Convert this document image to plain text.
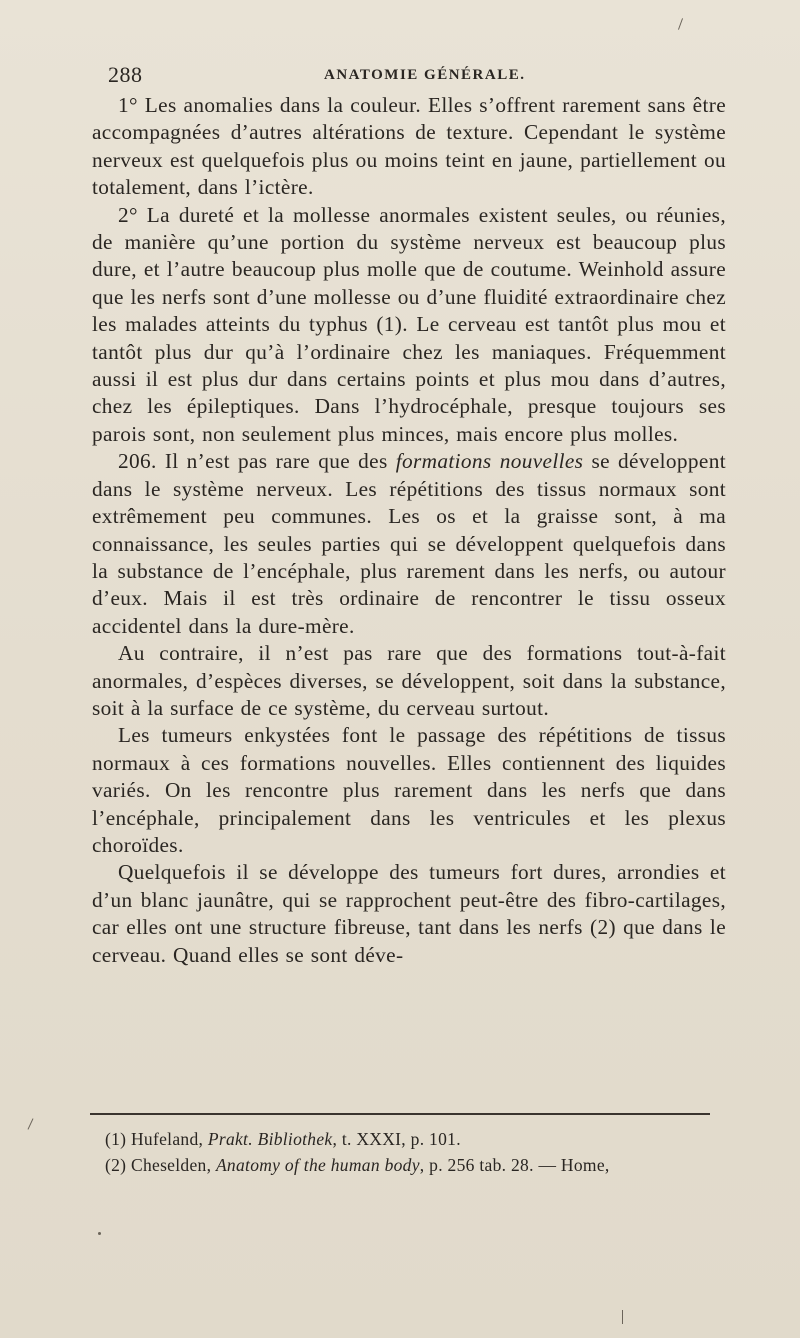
288	ANATOMIE GÉNÉRALE.

1° Les anomalies dans la couleur. Elles s’offrent rarement sans être accompagnées d’autres altérations de texture. Cependant le système nerveux est quelquefois plus ou moins teint en jaune, partiellement ou totalement, dans l’ictère.

2° La dureté et la mollesse anormales existent seules, ou réunies, de manière qu’une portion du système nerveux est beaucoup plus dure, et l’autre beaucoup plus molle que de coutume. Weinhold assure que les nerfs sont d’une mollesse ou d’une fluidité extraordinaire chez les malades atteints du typhus (1). Le cerveau est tantôt plus mou et tantôt plus dur qu’à l’ordinaire chez les maniaques. Fréquemment aussi il est plus dur dans certains points et plus mou dans d’autres, chez les épileptiques. Dans l’hydrocéphale, presque toujours ses parois sont, non seulement plus minces, mais encore plus molles.

206. Il n’est pas rare que des formations nouvelles se développent dans le système nerveux. Les répétitions des tissus normaux sont extrêmement peu communes. Les os et la graisse sont, à ma connaissance, les seules parties qui se développent quelquefois dans la substance de l’encéphale, plus rarement dans les nerfs, ou autour d’eux. Mais il est très ordinaire de rencontrer le tissu osseux accidentel dans la dure-mère.

Au contraire, il n’est pas rare que des formations tout-à-fait anormales, d’espèces diverses, se développent, soit dans la substance, soit à la surface de ce système, du cerveau surtout.

Les tumeurs enkystées font le passage des répétitions de tissus normaux à ces formations nouvelles. Elles contiennent des liquides variés. On les rencontre plus rarement dans les nerfs que dans l’encéphale, principalement dans les ventricules et les plexus choroïdes.

Quelquefois il se développe des tumeurs fort dures, arrondies et d’un blanc jaunâtre, qui se rapprochent peut-être des fibro-cartilages, car elles ont une structure fibreuse, tant dans les nerfs (2) que dans le cerveau. Quand elles se sont déve-

(1) Hufeland, Prakt. Bibliothek, t. XXXI, p. 101.

(2) Cheselden, Anatomy of the human body, p. 256 tab. 28. — Home,
